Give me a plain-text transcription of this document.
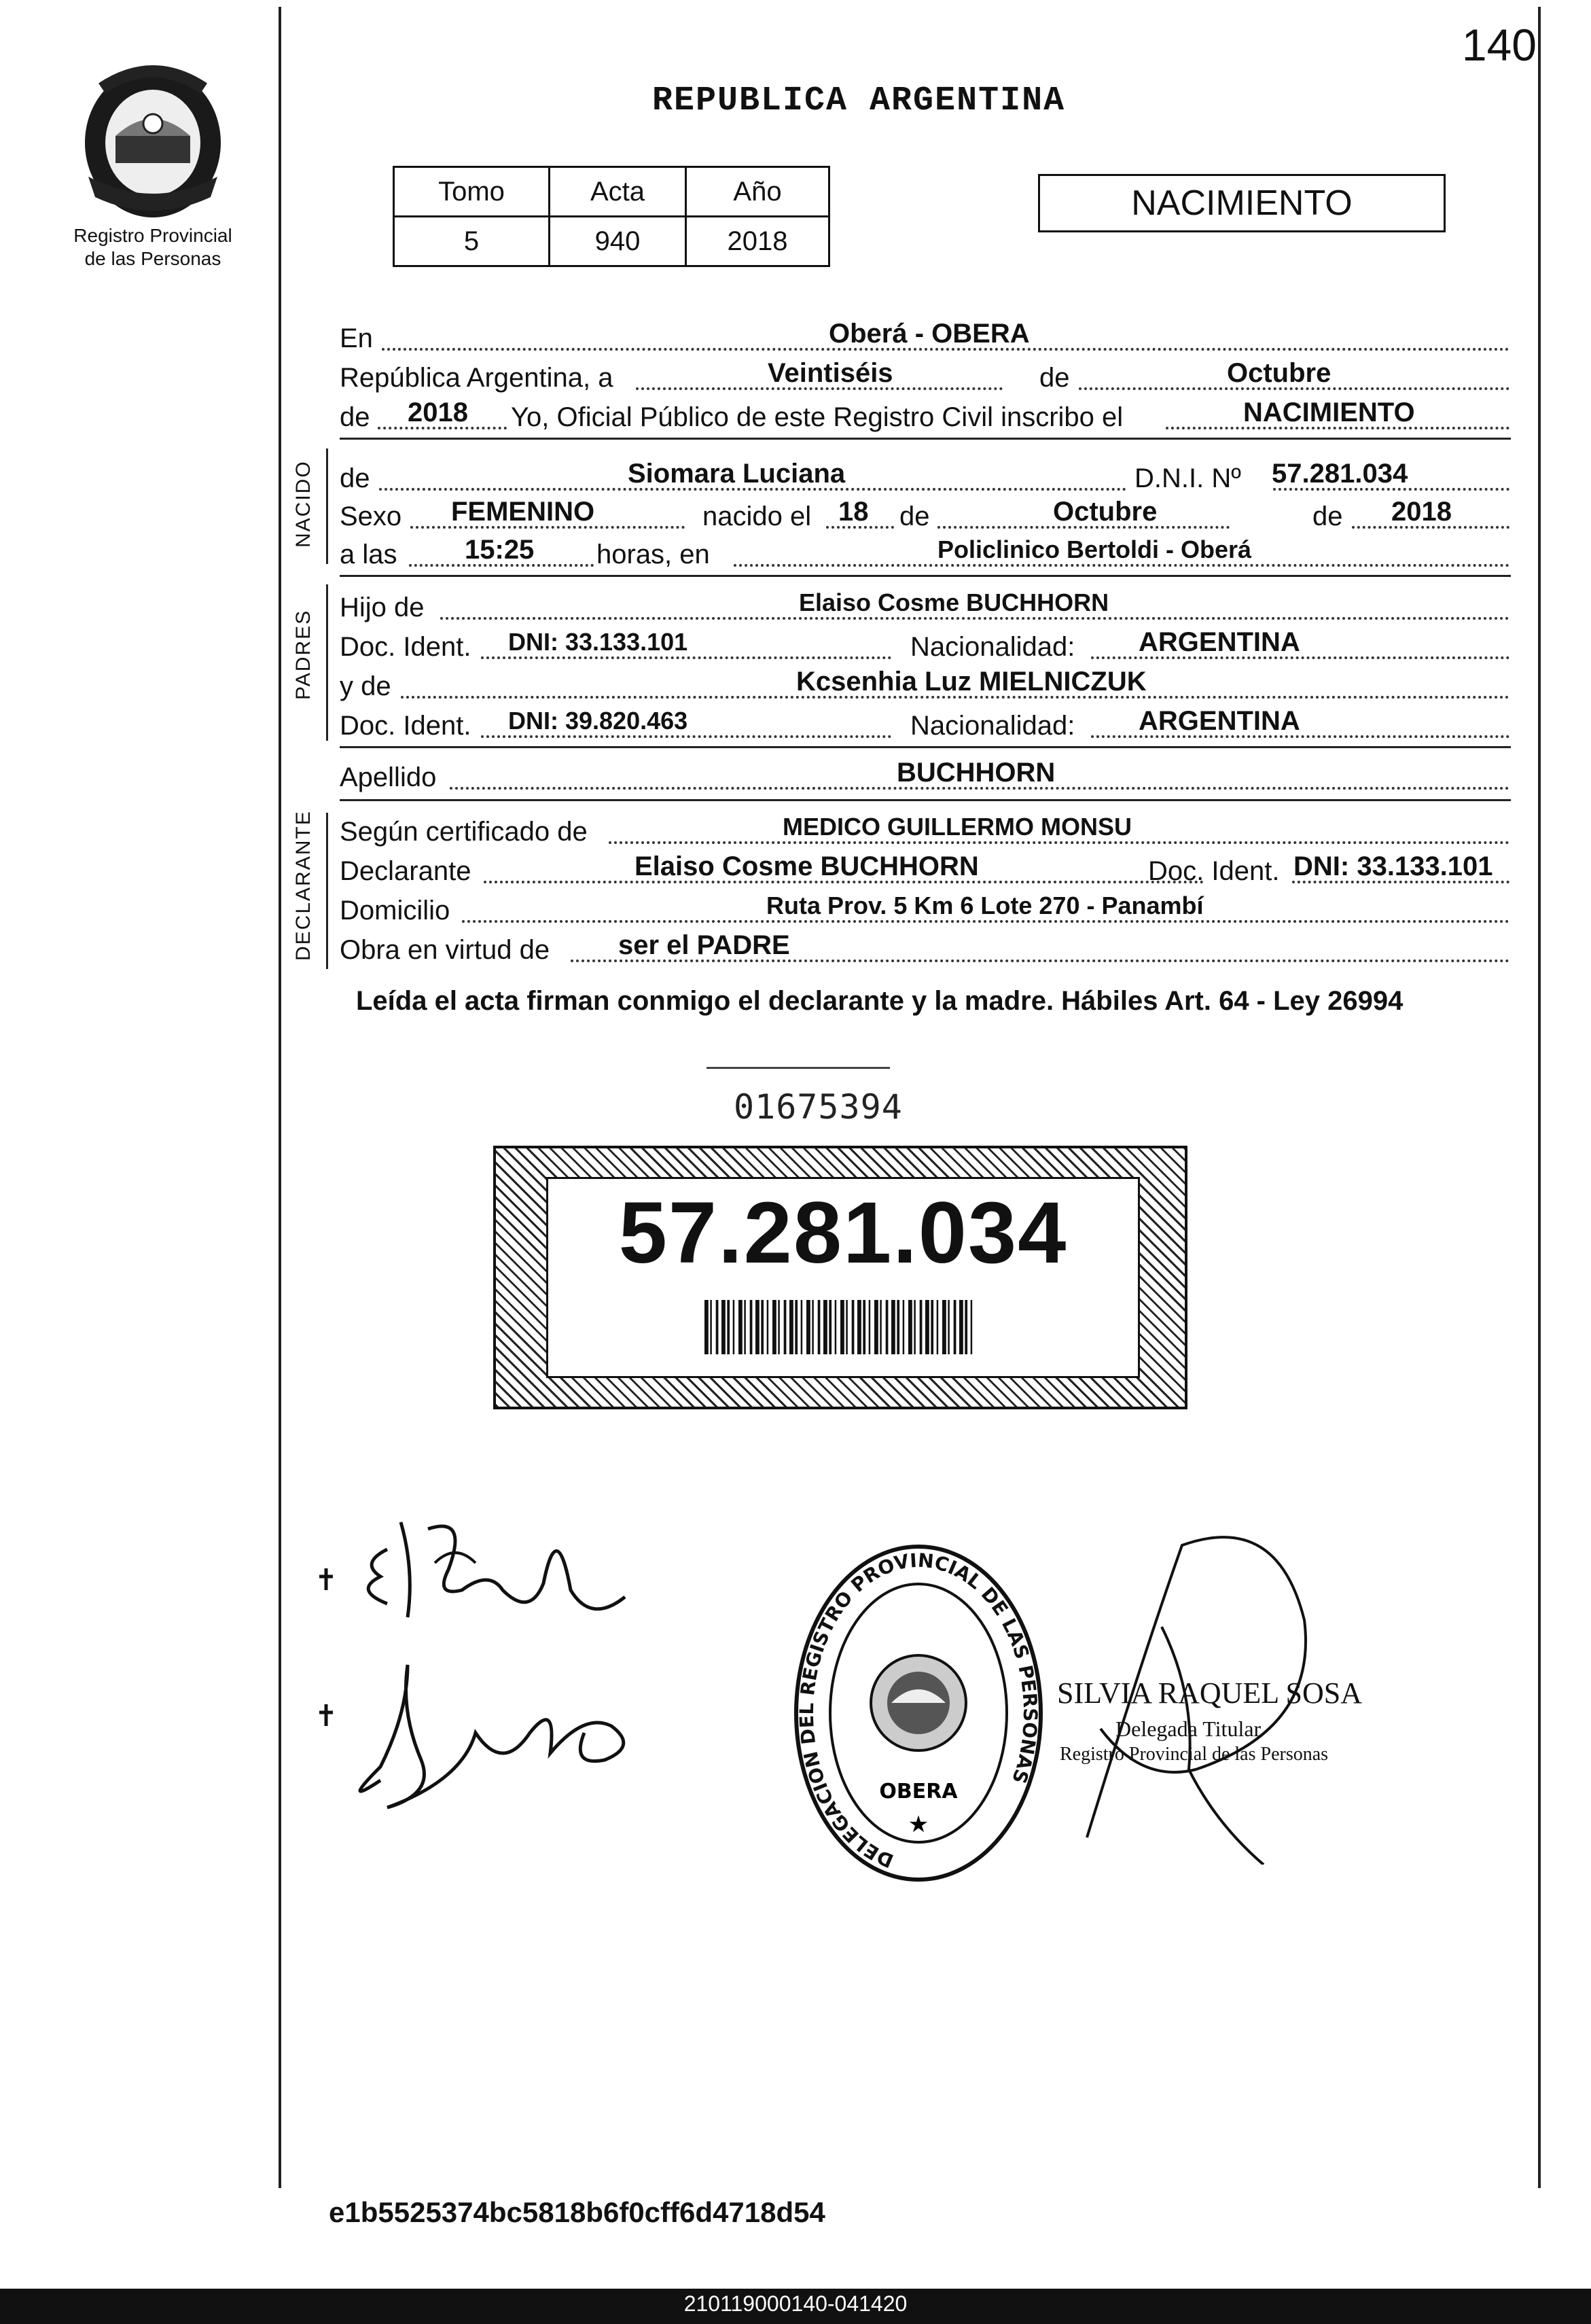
Registro Provincial
de las Personas
140
REPUBLICA ARGENTINA
Tomo	Acta	Año
5	940	2018
NACIMIENTO
En	Oberá - OBERA
República Argentina, a	Veintiséis	de	Octubre
de 2018 Yo, Oficial Público de este Registro Civil inscribo el	NACIMIENTO
NACIDO de	Siomara Luciana	D.N.I. Nº 57.281.034
Sexo FEMENINO	nacido el 18 de	Octubre	de 2018
a las 15:25 horas, en	Policlinico Bertoldi - Oberá
PADRES
Hijo de	Elaiso Cosme BUCHHORN
Doc. Ident. DNI: 33.133.101	Nacionalidad: ARGENTINA
y de	Kcsenhia Luz MIELNICZUK
Doc. Ident. DNI: 39.820.463	Nacionalidad: ARGENTINA
Apellido	BUCHHORN
DECLARANTE Según certificado de	MEDICO GUILLERMO MONSU
Declarante	Elaiso Cosme BUCHHORN	Doc. Ident. DNI: 33.133.101
Domicilio	Ruta Prov. 5 Km 6 Lote 270 - Panambí
Obra en virtud de	ser el PADRE
Leída el acta firman conmigo el declarante y la madre. Hábiles Art. 64 - Ley 26994
01675394
57.281.034
DELEGACION DEL REGISTRO PROVINCIAL DE LAS PERSONAS
OBERA
★
SILVIA RAQUEL SOSA
Delegada Titular
Registro Provincial de las Personas
e1b5525374bc5818b6f0cff6d4718d54
210119000140-041420
